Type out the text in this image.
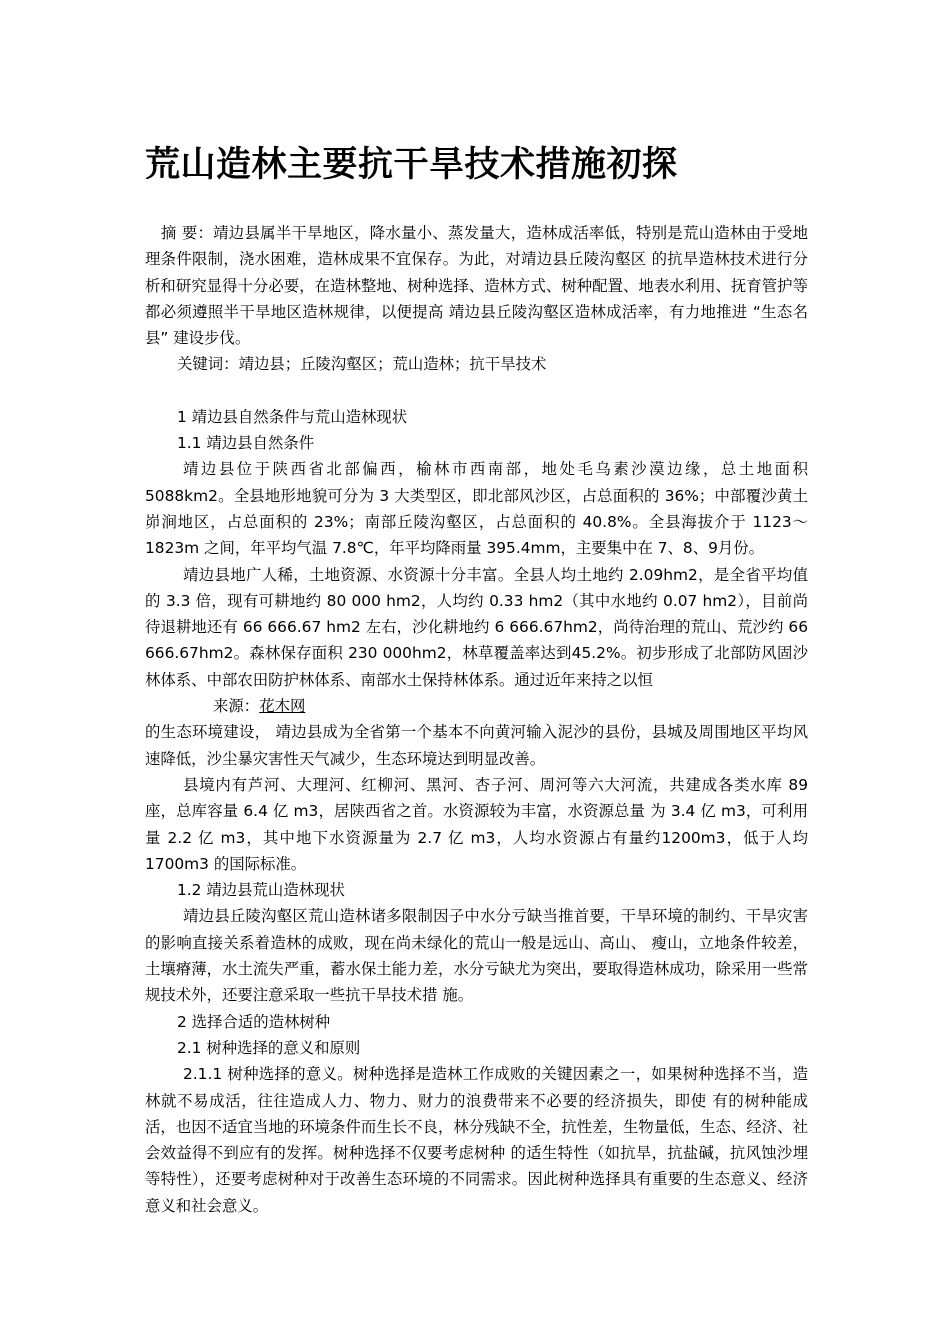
荒山造林主要抗干旱技术措施初探

摘 要：靖边县属半干旱地区，降水量小、蒸发量大，造林成活率低，特别是荒山造林由于受地理条件限制，浇水困难，造林成果不宜保存。为此，对靖边县丘陵沟壑区 的抗旱造林技术进行分析和研究显得十分必要，在造林整地、树种选择、造林方式、树种配置、地表水利用、抚育管护等都必须遵照半干旱地区造林规律，以便提高 靖边县丘陵沟壑区造林成活率，有力地推进 “生态名县” 建设步伐。

关键词：靖边县；丘陵沟壑区；荒山造林；抗干旱技术

1 靖边县自然条件与荒山造林现状

1.1 靖边县自然条件

靖边县位于陕西省北部偏西，榆林市西南部，地处毛乌素沙漠边缘，总土地面积5088km2。全县地形地貌可分为 3 大类型区，即北部风沙区，占总面积的 36%；中部覆沙黄土峁涧地区，占总面积的 23%；南部丘陵沟壑区，占总面积的 40.8%。全县海拔介于 1123～1823m 之间，年平均气温 7.8℃，年平均降雨量 395.4mm，主要集中在 7、8、9月份。

靖边县地广人稀，土地资源、水资源十分丰富。全县人均土地约 2.09hm2，是全省平均值的 3.3 倍，现有可耕地约 80 000 hm2，人均约 0.33 hm2（其中水地约 0.07 hm2），目前尚待退耕地还有 66 666.67 hm2 左右，沙化耕地约 6 666.67hm2，尚待治理的荒山、荒沙约 66 666.67hm2。森林保存面积 230 000hm2，林草覆盖率达到45.2%。初步形成了北部防风固沙林体系、中部农田防护林体系、南部水土保持林体系。通过近年来持之以恒

来源：花木网

的生态环境建设， 靖边县成为全省第一个基本不向黄河输入泥沙的县份，县城及周围地区平均风速降低，沙尘暴灾害性天气减少，生态环境达到明显改善。

县境内有芦河、大理河、红柳河、黑河、杏子河、周河等六大河流，共建成各类水库 89 座，总库容量 6.4 亿 m3，居陕西省之首。水资源较为丰富，水资源总量 为 3.4 亿 m3，可利用量 2.2 亿 m3，其中地下水资源量为 2.7 亿 m3，人均水资源占有量约1200m3，低于人均 1700m3 的国际标准。

1.2 靖边县荒山造林现状

靖边县丘陵沟壑区荒山造林诸多限制因子中水分亏缺当推首要，干旱环境的制约、干旱灾害的影响直接关系着造林的成败，现在尚未绿化的荒山一般是远山、高山、 瘦山，立地条件较差，土壤瘠薄，水土流失严重，蓄水保土能力差，水分亏缺尤为突出，要取得造林成功，除采用一些常规技术外，还要注意采取一些抗干旱技术措 施。

2 选择合适的造林树种

2.1 树种选择的意义和原则

2.1.1 树种选择的意义。树种选择是造林工作成败的关键因素之一，如果树种选择不当，造林就不易成活，往往造成人力、物力、财力的浪费带来不必要的经济损失，即使 有的树种能成活，也因不适宜当地的环境条件而生长不良，林分残缺不全，抗性差，生物量低，生态、经济、社会效益得不到应有的发挥。树种选择不仅要考虑树种 的适生特性（如抗旱，抗盐碱，抗风蚀沙埋等特性），还要考虑树种对于改善生态环境的不同需求。因此树种选择具有重要的生态意义、经济意义和社会意义。
